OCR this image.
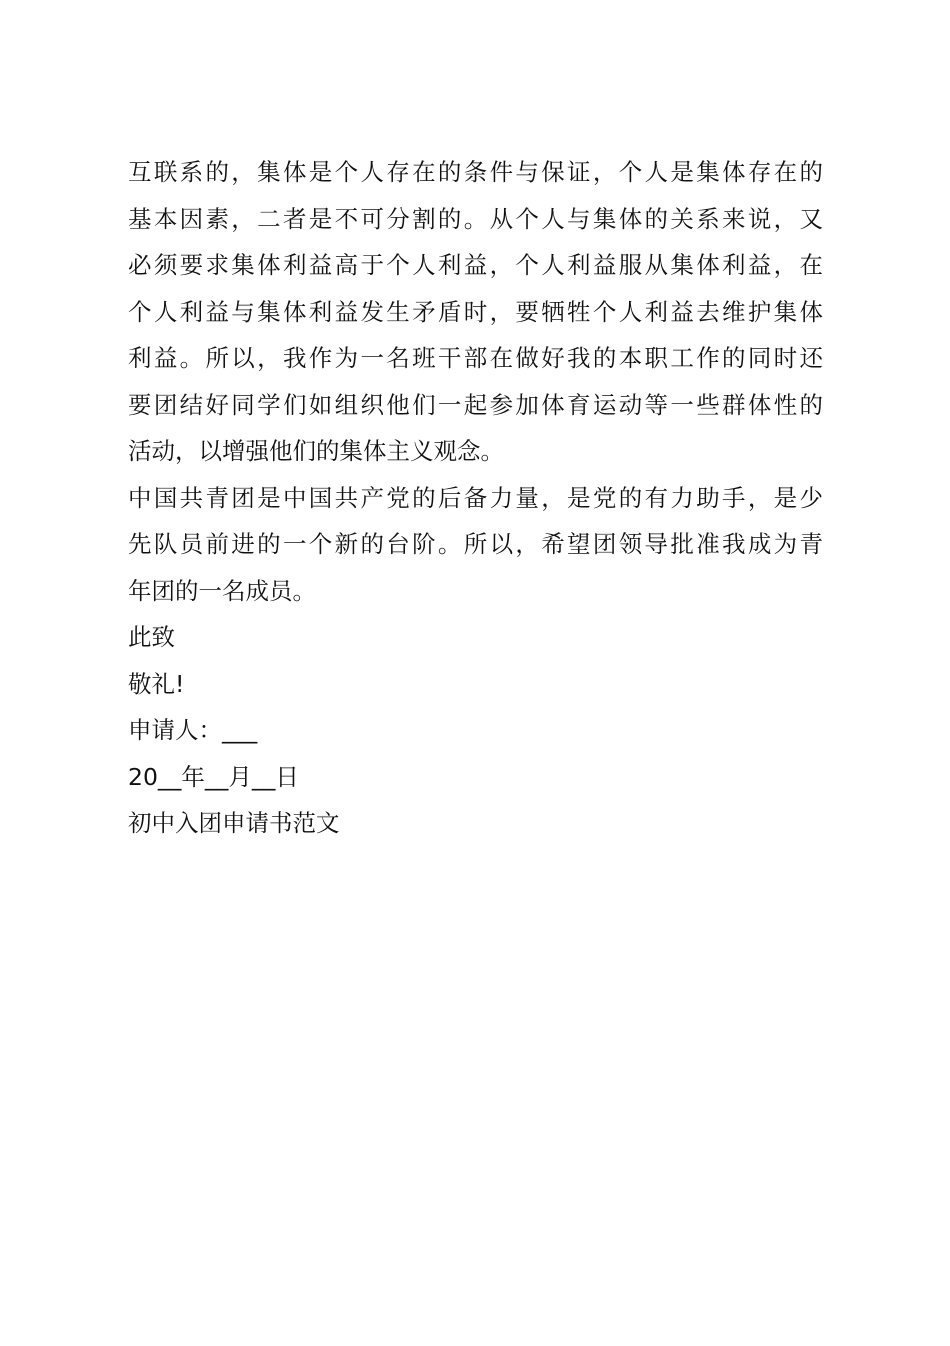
互联系的，集体是个人存在的条件与保证，个人是集体存在的
基本因素，二者是不可分割的。从个人与集体的关系来说，又
必须要求集体利益高于个人利益，个人利益服从集体利益，在
个人利益与集体利益发生矛盾时，要牺牲个人利益去维护集体
利益。所以，我作为一名班干部在做好我的本职工作的同时还
要团结好同学们如组织他们一起参加体育运动等一些群体性的
活动，以增强他们的集体主义观念。
中国共青团是中国共产党的后备力量，是党的有力助手，是少
先队员前进的一个新的台阶。所以，希望团领导批准我成为青
年团的一名成员。
此致
敬礼!
申请人：___
20__年__月__日
初中入团申请书范文
